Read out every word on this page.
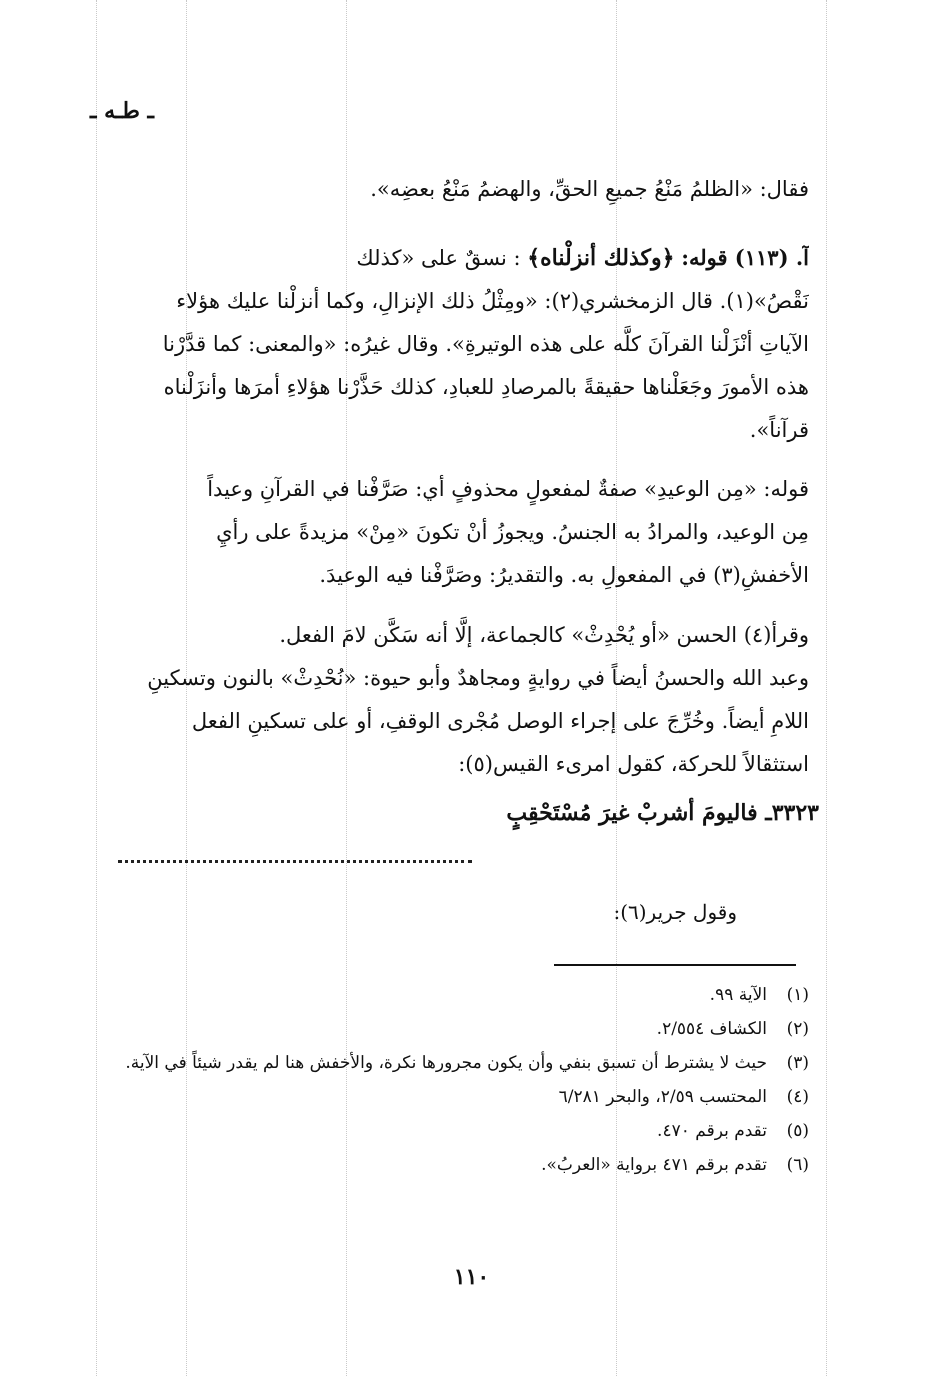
ـ طـه ـ
فقال: «الظلمُ مَنْعُ جميعِ الحقِّ، والهضمُ مَنْعُ بعضِه».
آ. (١١٣) قوله: ﴿وكذلك أنزلْناه﴾ : نسقٌ على «كذلك
نَقْصُ»(١). قال الزمخشري(٢): «ومِثْلُ ذلك الإنزالِ، وكما أنزلْنا عليك هؤلاء
الآياتِ أنْزَلْنا القرآنَ كلَّه على هذه الوتيرةِ». وقال غيرُه: «والمعنى: كما قدَّرْنا
هذه الأمورَ وجَعَلْناها حقيقةً بالمرصادِ للعبادِ، كذلك حَذَّرْنا هؤلاءِ أمرَها وأنزَلْناه
قرآناً».
قوله: «مِن الوعيدِ» صفةٌ لمفعولٍ محذوفٍ أي: صَرَّفْنا في القرآنِ وعيداً
مِن الوعيد، والمرادُ به الجنسُ. ويجوزُ أنْ تكونَ «مِنْ» مزيدةً على رأيِ
الأخفشِ(٣) في المفعولِ به. والتقديرُ: وصَرَّفْنا فيه الوعيدَ.
وقرأ(٤) الحسن «أو يُحْدِثْ» كالجماعة، إلَّا أنه سَكَّن لامَ الفعل.
وعبد الله والحسنُ أيضاً في روايةٍ ومجاهدٌ وأبو حيوة: «نُحْدِثْ» بالنون وتسكينِ
اللامِ أيضاً. وخُرِّجَ على إجراء الوصل مُجْرى الوقفِ، أو على تسكينِ الفعل
استثقالاً للحركة، كقول امرىء القيس(٥):
٣٣٢٣ـ فاليومَ أشربْ غيرَ مُسْتَحْقِبٍ
وقول جرير(٦):
(١)
الآية ٩٩.
(٢)
الكشاف ٢/٥٥٤.
(٣)
حيث لا يشترط أن تسبق بنفي وأن يكون مجرورها نكرة، والأخفش هنا لم يقدر شيئاً في الآية.
(٤)
المحتسب ٢/٥٩، والبحر ٦/٢٨١
(٥)
تقدم برقم ٤٧٠.
(٦)
تقدم برقم ٤٧١ برواية «العربُ».
١١٠
